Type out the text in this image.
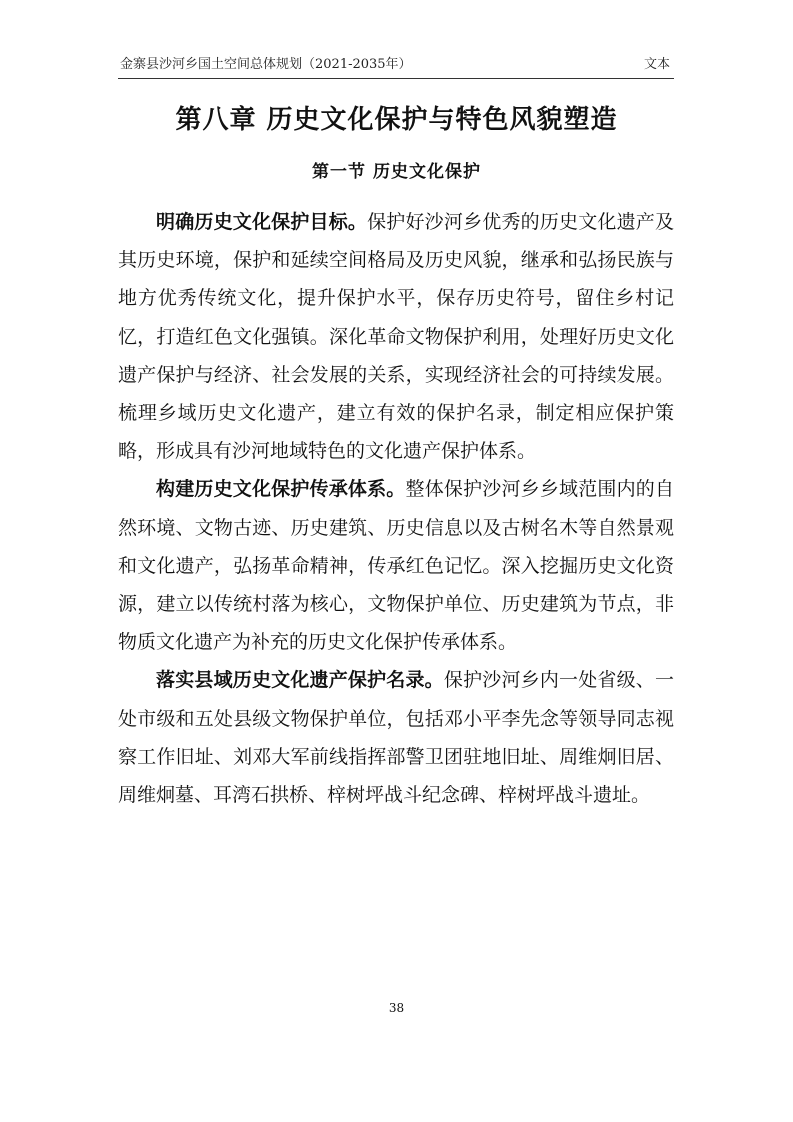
金寨县沙河乡国土空间总体规划（2021-2035年）	文本
第八章 历史文化保护与特色风貌塑造
第一节 历史文化保护

明确历史文化保护目标。保护好沙河乡优秀的历史文化遗产及其历史环境，保护和延续空间格局及历史风貌，继承和弘扬民族与地方优秀传统文化，提升保护水平，保存历史符号，留住乡村记忆，打造红色文化强镇。深化革命文物保护利用，处理好历史文化遗产保护与经济、社会发展的关系，实现经济社会的可持续发展。梳理乡域历史文化遗产，建立有效的保护名录，制定相应保护策略，形成具有沙河地域特色的文化遗产保护体系。

构建历史文化保护传承体系。整体保护沙河乡乡域范围内的自然环境、文物古迹、历史建筑、历史信息以及古树名木等自然景观和文化遗产，弘扬革命精神，传承红色记忆。深入挖掘历史文化资源，建立以传统村落为核心，文物保护单位、历史建筑为节点，非物质文化遗产为补充的历史文化保护传承体系。

落实县域历史文化遗产保护名录。保护沙河乡内一处省级、一处市级和五处县级文物保护单位，包括邓小平李先念等领导同志视察工作旧址、刘邓大军前线指挥部警卫团驻地旧址、周维炯旧居、周维炯墓、耳湾石拱桥、梓树坪战斗纪念碑、梓树坪战斗遗址。

38
